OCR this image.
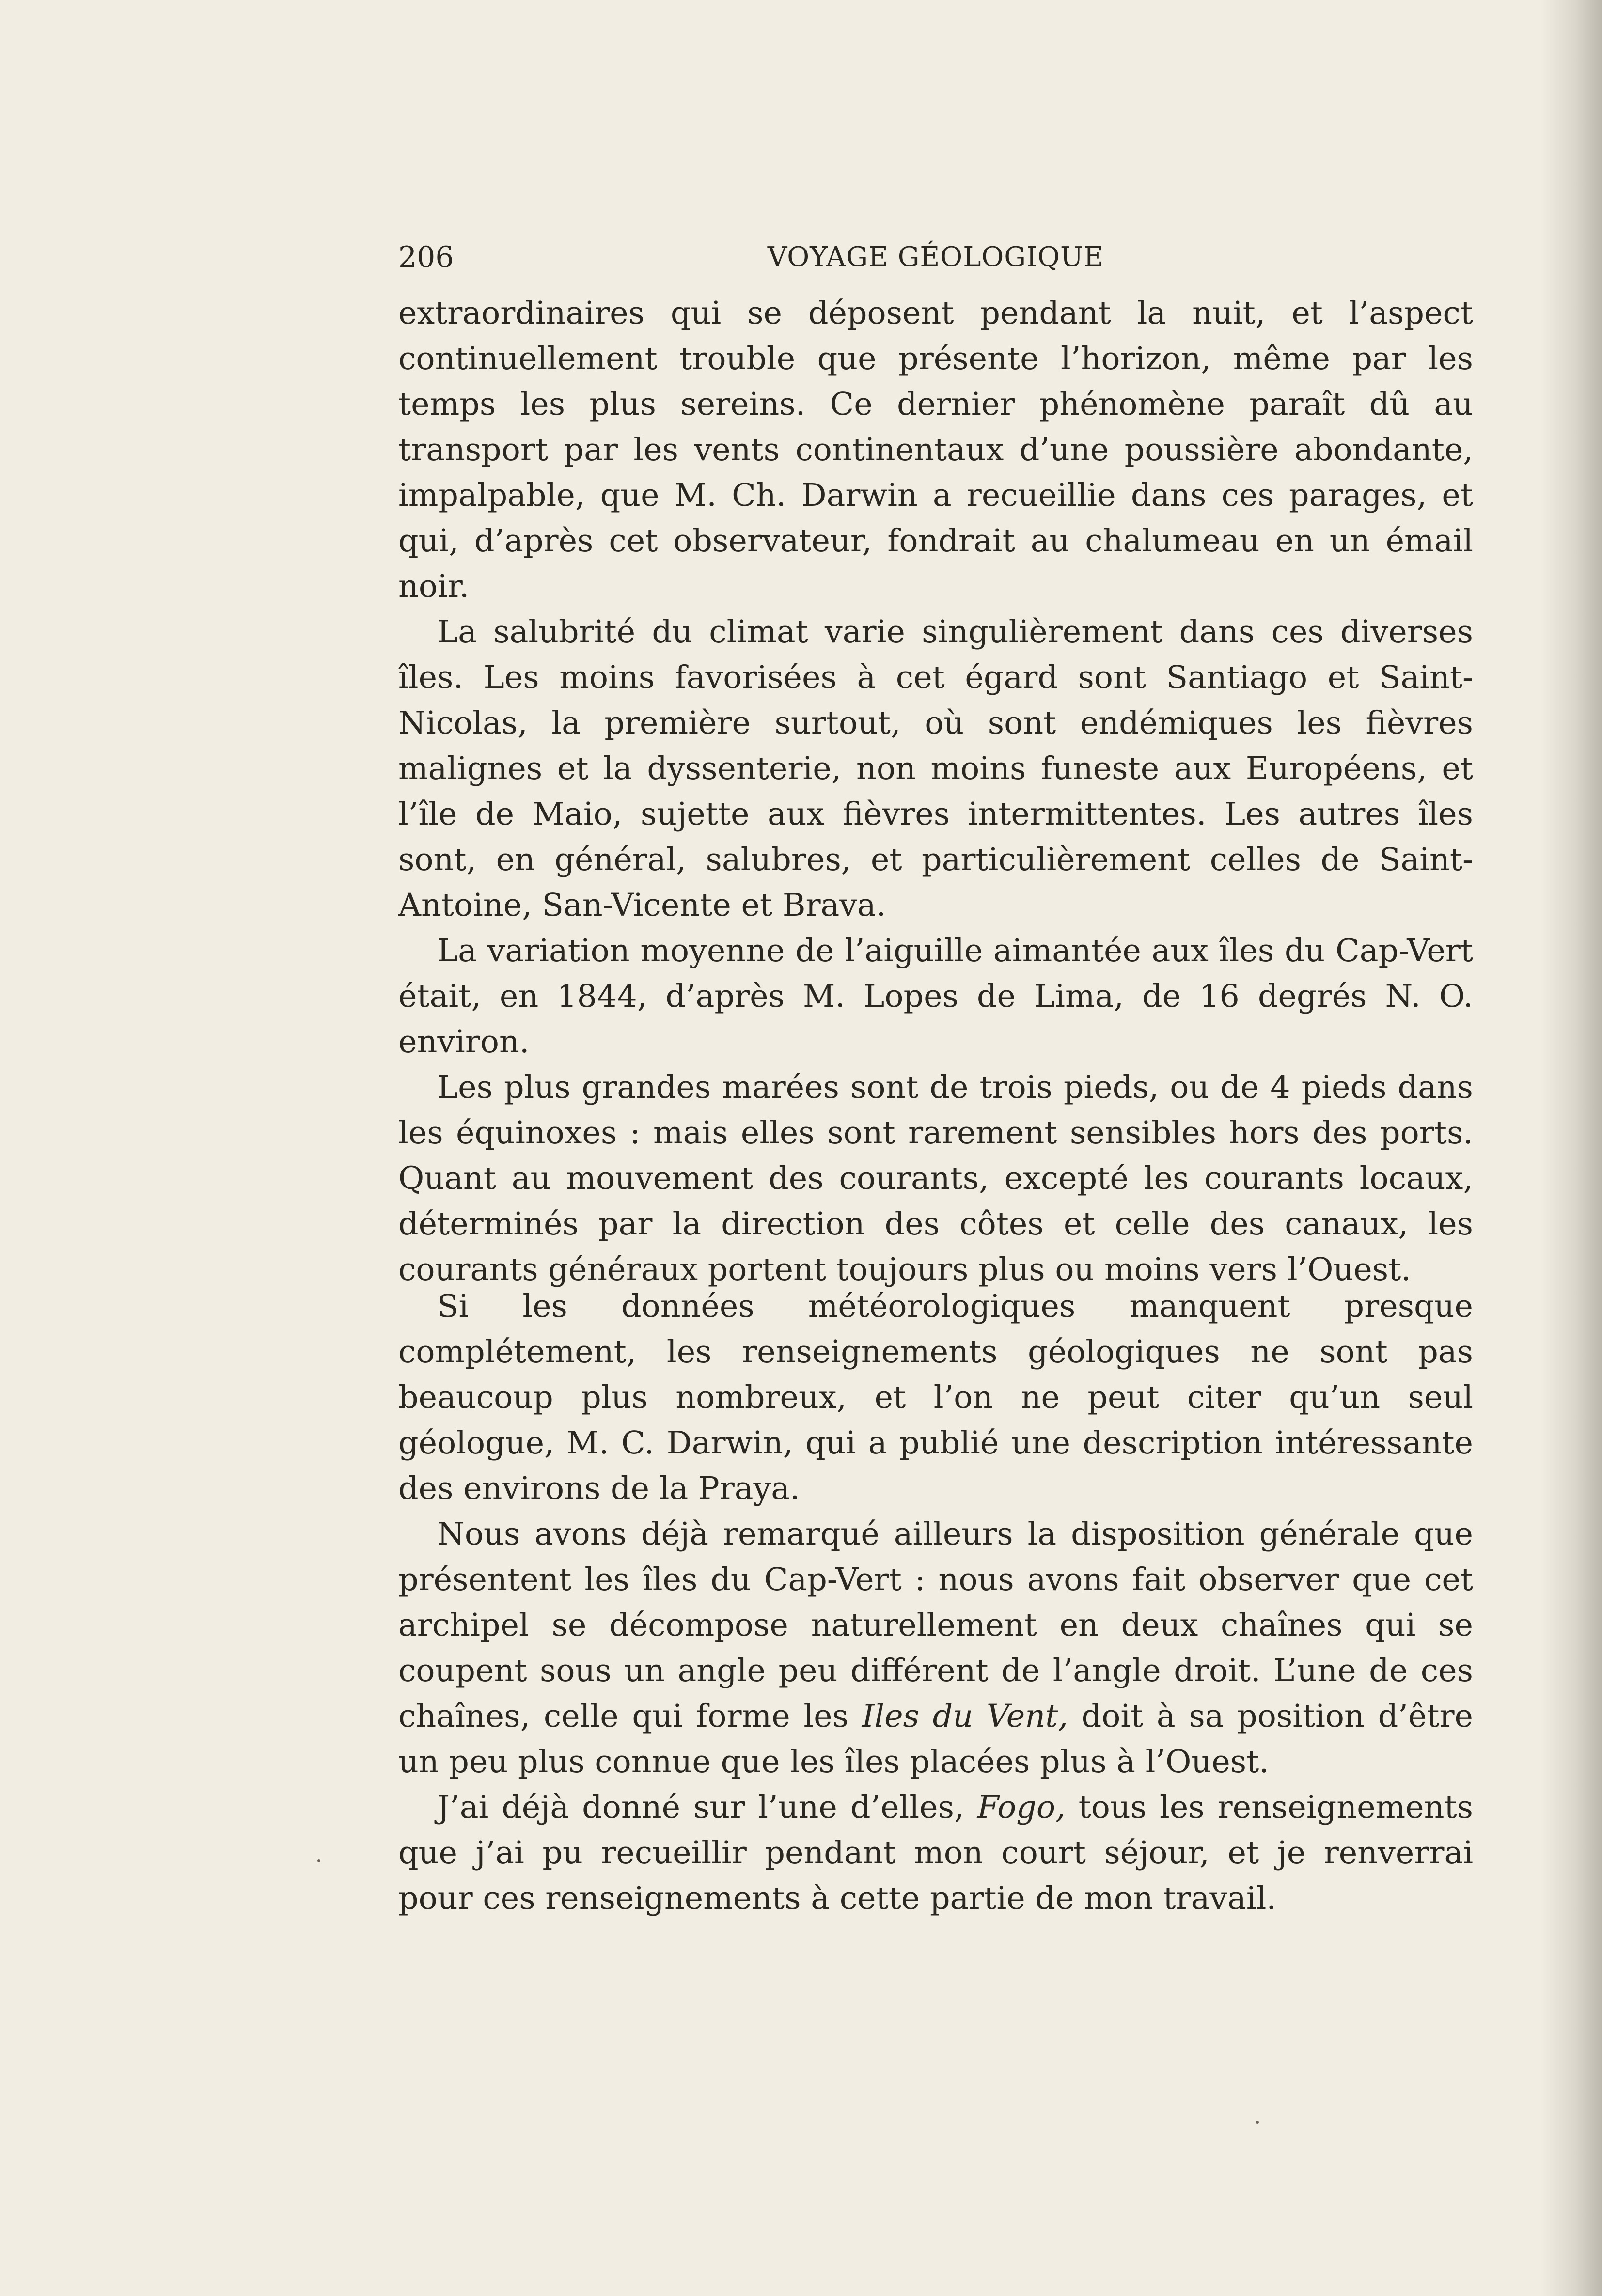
206	VOYAGE GÉOLOGIQUE

extraordinaires qui se déposent pendant la nuit, et l’aspect continuellement trouble que présente l’horizon, même par les temps les plus sereins. Ce dernier phénomène paraît dû au transport par les vents continentaux d’une poussière abondante, impalpable, que M. Ch. Darwin a recueillie dans ces parages, et qui, d’après cet observateur, fondrait au chalumeau en un émail noir.

La salubrité du climat varie singulièrement dans ces diverses îles. Les moins favorisées à cet égard sont Santiago et Saint-Nicolas, la première surtout, où sont endémiques les fièvres malignes et la dyssenterie, non moins funeste aux Européens, et l’île de Maio, sujette aux fièvres intermittentes. Les autres îles sont, en général, salubres, et particulièrement celles de Saint-Antoine, San-Vicente et Brava.

La variation moyenne de l’aiguille aimantée aux îles du Cap-Vert était, en 1844, d’après M. Lopes de Lima, de 16 degrés N. O. environ.

Les plus grandes marées sont de trois pieds, ou de 4 pieds dans les équinoxes : mais elles sont rarement sensibles hors des ports. Quant au mouvement des courants, excepté les courants locaux, déterminés par la direction des côtes et celle des canaux, les courants généraux portent toujours plus ou moins vers l’Ouest.

Si les données météorologiques manquent presque complétement, les renseignements géologiques ne sont pas beaucoup plus nombreux, et l’on ne peut citer qu’un seul géologue, M. C. Darwin, qui a publié une description intéressante des environs de la Praya.

Nous avons déjà remarqué ailleurs la disposition générale que présentent les îles du Cap-Vert : nous avons fait observer que cet archipel se décompose naturellement en deux chaînes qui se coupent sous un angle peu différent de l’angle droit. L’une de ces chaînes, celle qui forme les Iles du Vent, doit à sa position d’être un peu plus connue que les îles placées plus à l’Ouest.

J’ai déjà donné sur l’une d’elles, Fogo, tous les renseignements que j’ai pu recueillir pendant mon court séjour, et je renverrai pour ces renseignements à cette partie de mon travail.
